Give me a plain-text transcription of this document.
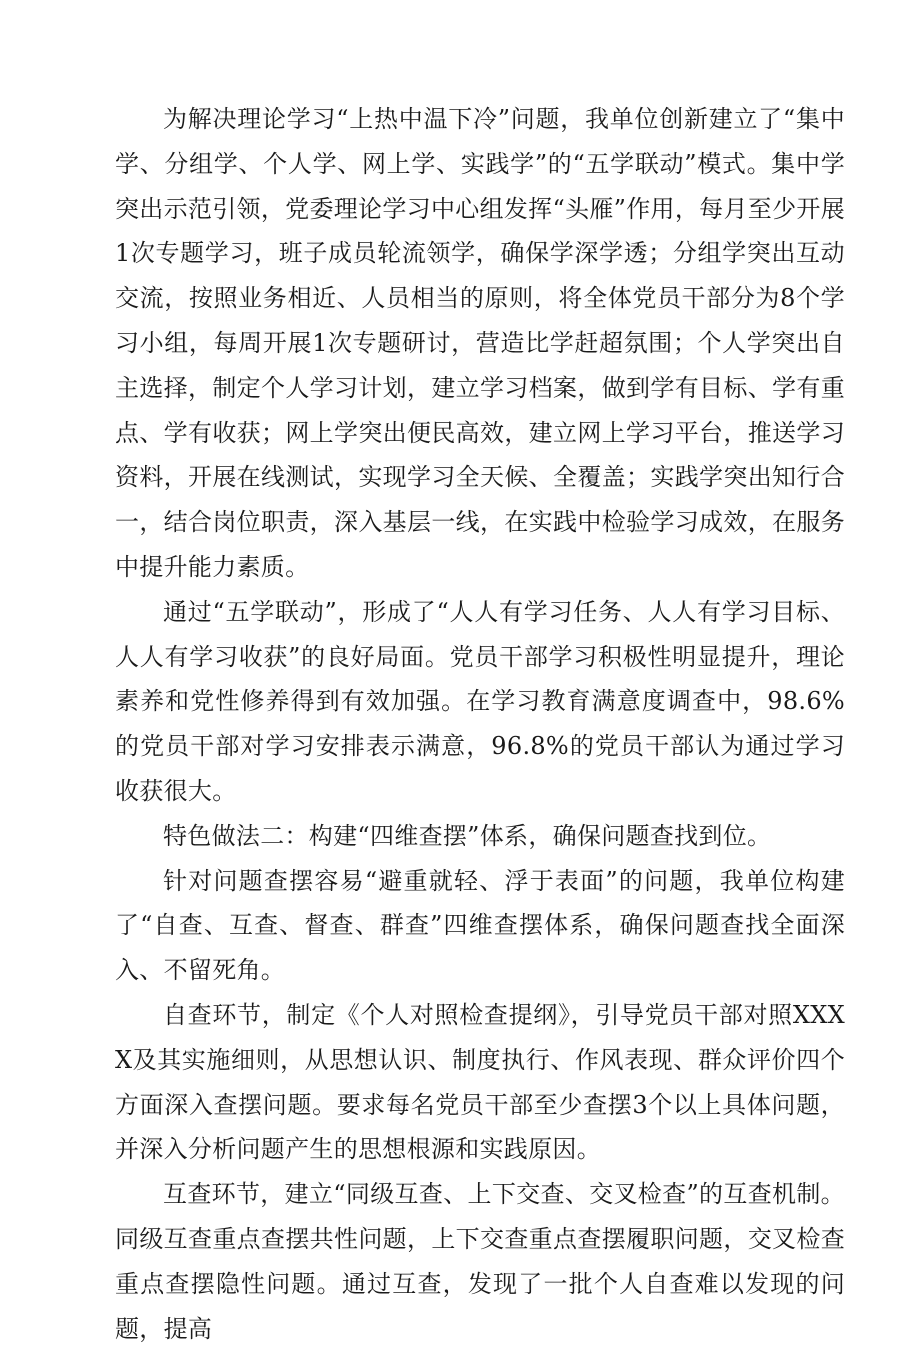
为解决理论学习“上热中温下冷”问题，我单位创新建立了“集中学、分组学、个人学、网上学、实践学”的“五学联动”模式。集中学突出示范引领，党委理论学习中心组发挥“头雁”作用，每月至少开展1次专题学习，班子成员轮流领学，确保学深学透；分组学突出互动交流，按照业务相近、人员相当的原则，将全体党员干部分为8个学习小组，每周开展1次专题研讨，营造比学赶超氛围；个人学突出自主选择，制定个人学习计划，建立学习档案，做到学有目标、学有重点、学有收获；网上学突出便民高效，建立网上学习平台，推送学习资料，开展在线测试，实现学习全天候、全覆盖；实践学突出知行合一，结合岗位职责，深入基层一线，在实践中检验学习成效，在服务中提升能力素质。

通过“五学联动”，形成了“人人有学习任务、人人有学习目标、人人有学习收获”的良好局面。党员干部学习积极性明显提升，理论素养和党性修养得到有效加强。在学习教育满意度调查中，98.6%的党员干部对学习安排表示满意，96.8%的党员干部认为通过学习收获很大。

特色做法二：构建“四维查摆”体系，确保问题查找到位。

针对问题查摆容易“避重就轻、浮于表面”的问题，我单位构建了“自查、互查、督查、群查”四维查摆体系，确保问题查找全面深入、不留死角。

自查环节，制定《个人对照检查提纲》，引导党员干部对照XXXX及其实施细则，从思想认识、制度执行、作风表现、群众评价四个方面深入查摆问题。要求每名党员干部至少查摆3个以上具体问题，并深入分析问题产生的思想根源和实践原因。

互查环节，建立“同级互查、上下交查、交叉检查”的互查机制。同级互查重点查摆共性问题，上下交查重点查摆履职问题，交叉检查重点查摆隐性问题。通过互查，发现了一批个人自查难以发现的问题，提高
